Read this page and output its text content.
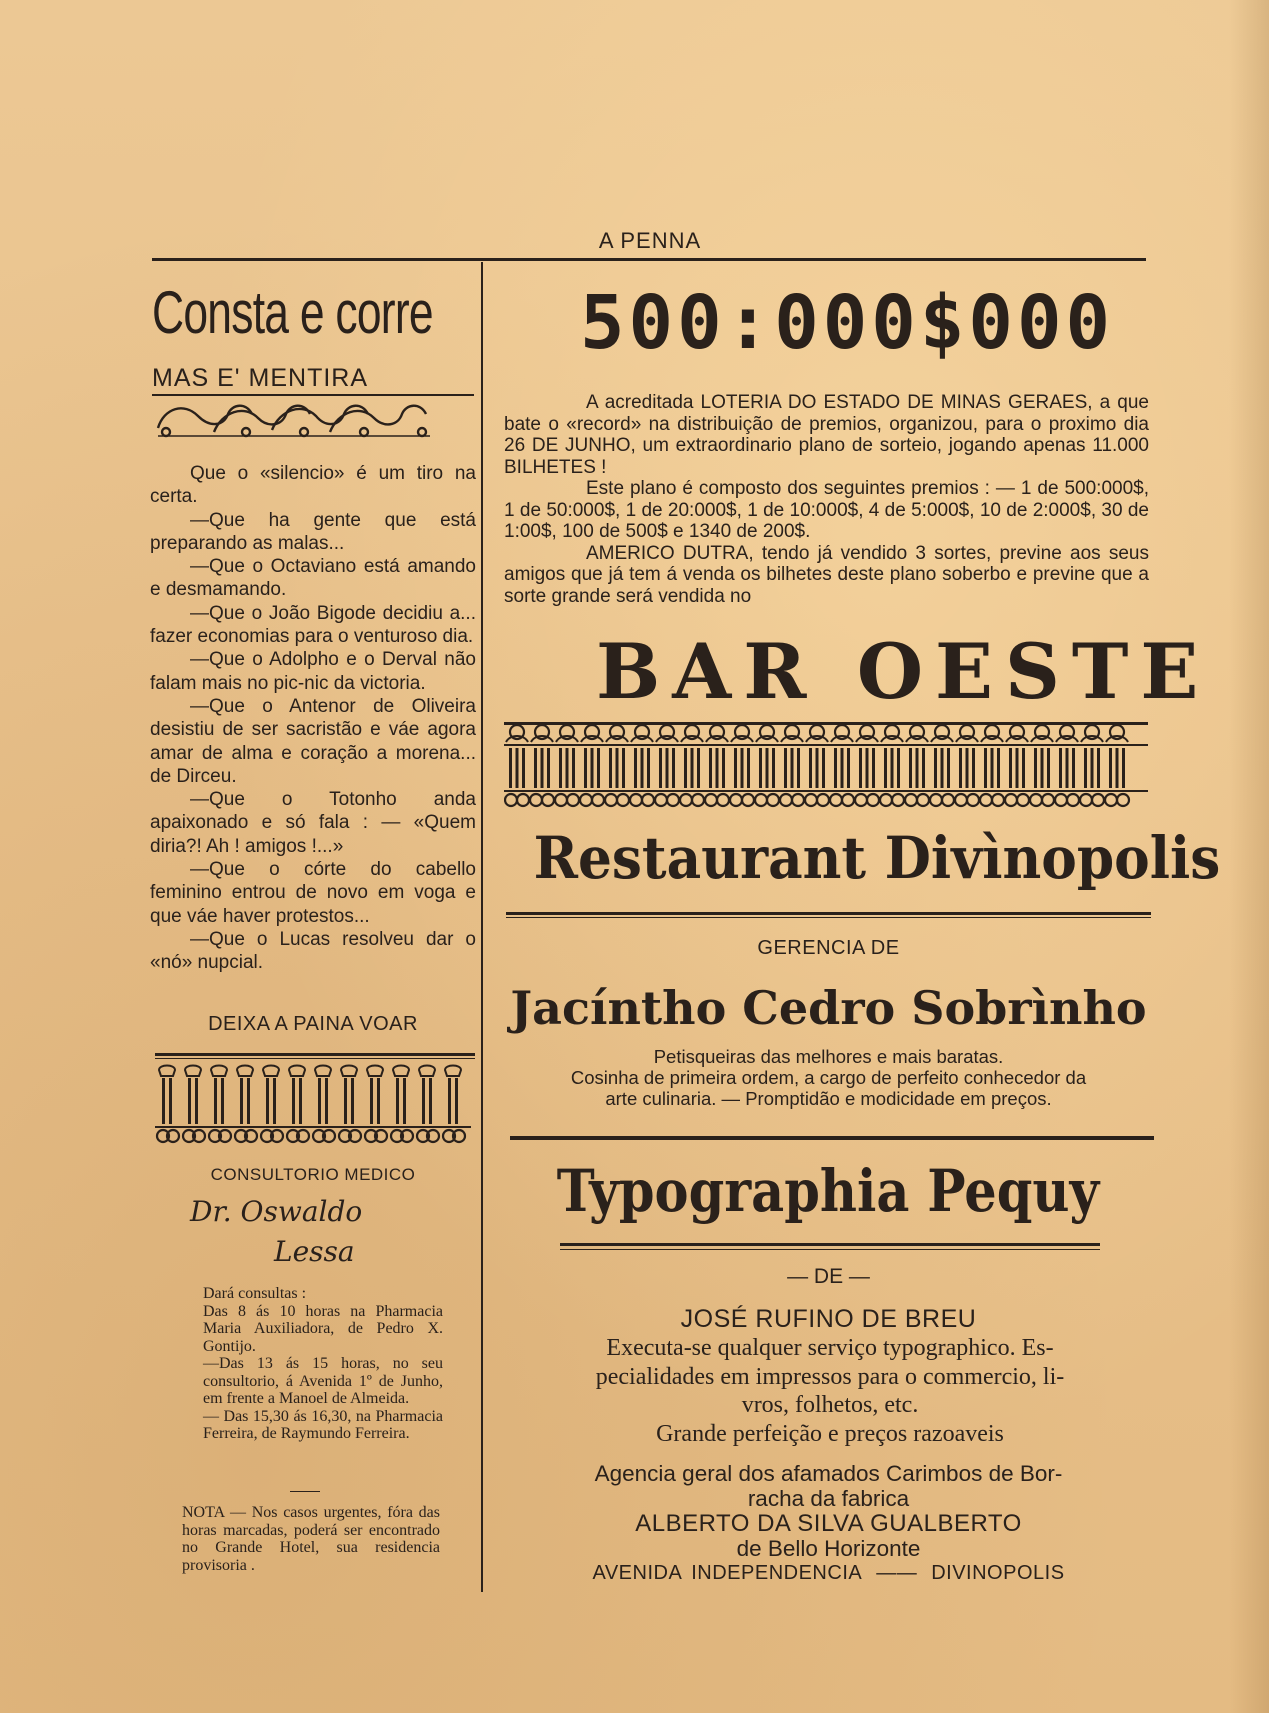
A PENNA
Consta e corre
MAS E' MENTIRA

Que o «silencio» é um tiro na certa.

—Que ha gente que está preparando as malas...

—Que o Octaviano está amando e desmamando.

—Que o João Bigode decidiu a... fazer economias para o venturoso dia.

—Que o Adolpho e o Derval não falam mais no pic-nic da victoria.

—Que o Antenor de Oliveira desistiu de ser sacristão e váe agora amar de alma e coração a morena... de Dirceu.

—Que o Totonho anda apaixonado e só fala : — «Quem diria?! Ah ! amigos !...»

—Que o córte do cabello feminino entrou de novo em voga e que váe haver protestos...

—Que o Lucas resolveu dar o «nó» nupcial.

DEIXA A PAINA VOAR
CONSULTORIO MEDICO
Dr. Oswaldo
Lessa

Dará consultas :

Das 8 ás 10 horas na Pharmacia Maria Auxiliadora, de Pedro X. Gontijo.

—Das 13 ás 15 horas, no seu consultorio, á Avenida 1º de Junho, em frente a Manoel de Almeida.

— Das 15,30 ás 16,30, na Pharmacia Ferreira, de Raymundo Ferreira.

NOTA — Nos casos urgentes, fóra das horas marcadas, poderá ser encontrado no Grande Hotel, sua residencia provisoria .
500:000$000

A acreditada LOTERIA DO ESTADO DE MINAS GERAES, a que bate o «record» na distribuição de premios, organizou, para o proximo dia 26 DE JUNHO, um extraordinario plano de sorteio, jogando apenas 11.000 BILHETES !

Este plano é composto dos seguintes premios : — 1 de 500:000$, 1 de 50:000$, 1 de 20:000$, 1 de 10:000$, 4 de 5:000$, 10 de 2:000$, 30 de 1:00$, 100 de 500$ e 1340 de 200$.

AMERICO DUTRA, tendo já vendido 3 sortes, previne aos seus amigos que já tem á venda os bilhetes deste plano soberbo e previne que a sorte grande será vendida no

BAR OESTE
Restaurant Divìnopolis
GERENCIA DE
Jacíntho Cedro Sobrìnho
Petisqueiras das melhores e mais baratas.
Cosinha de primeira ordem, a cargo de perfeito conhecedor da
arte culinaria. — Promptidão e modicidade em preços.
Typographia Pequy
— DE —
JOSÉ RUFINO DE BREU

Executa-se qualquer serviço typographico. Es-

pecialidades em impressos para o commercio, li-

vros, folhetos, etc.

Grande perfeição e preços razoaveis

Agencia geral dos afamados Carimbos de Bor-

racha da fabrica

ALBERTO DA SILVA GUALBERTO

de Bello Horizonte

AVENIDA INDEPENDENCIA —— DIVINOPOLIS
